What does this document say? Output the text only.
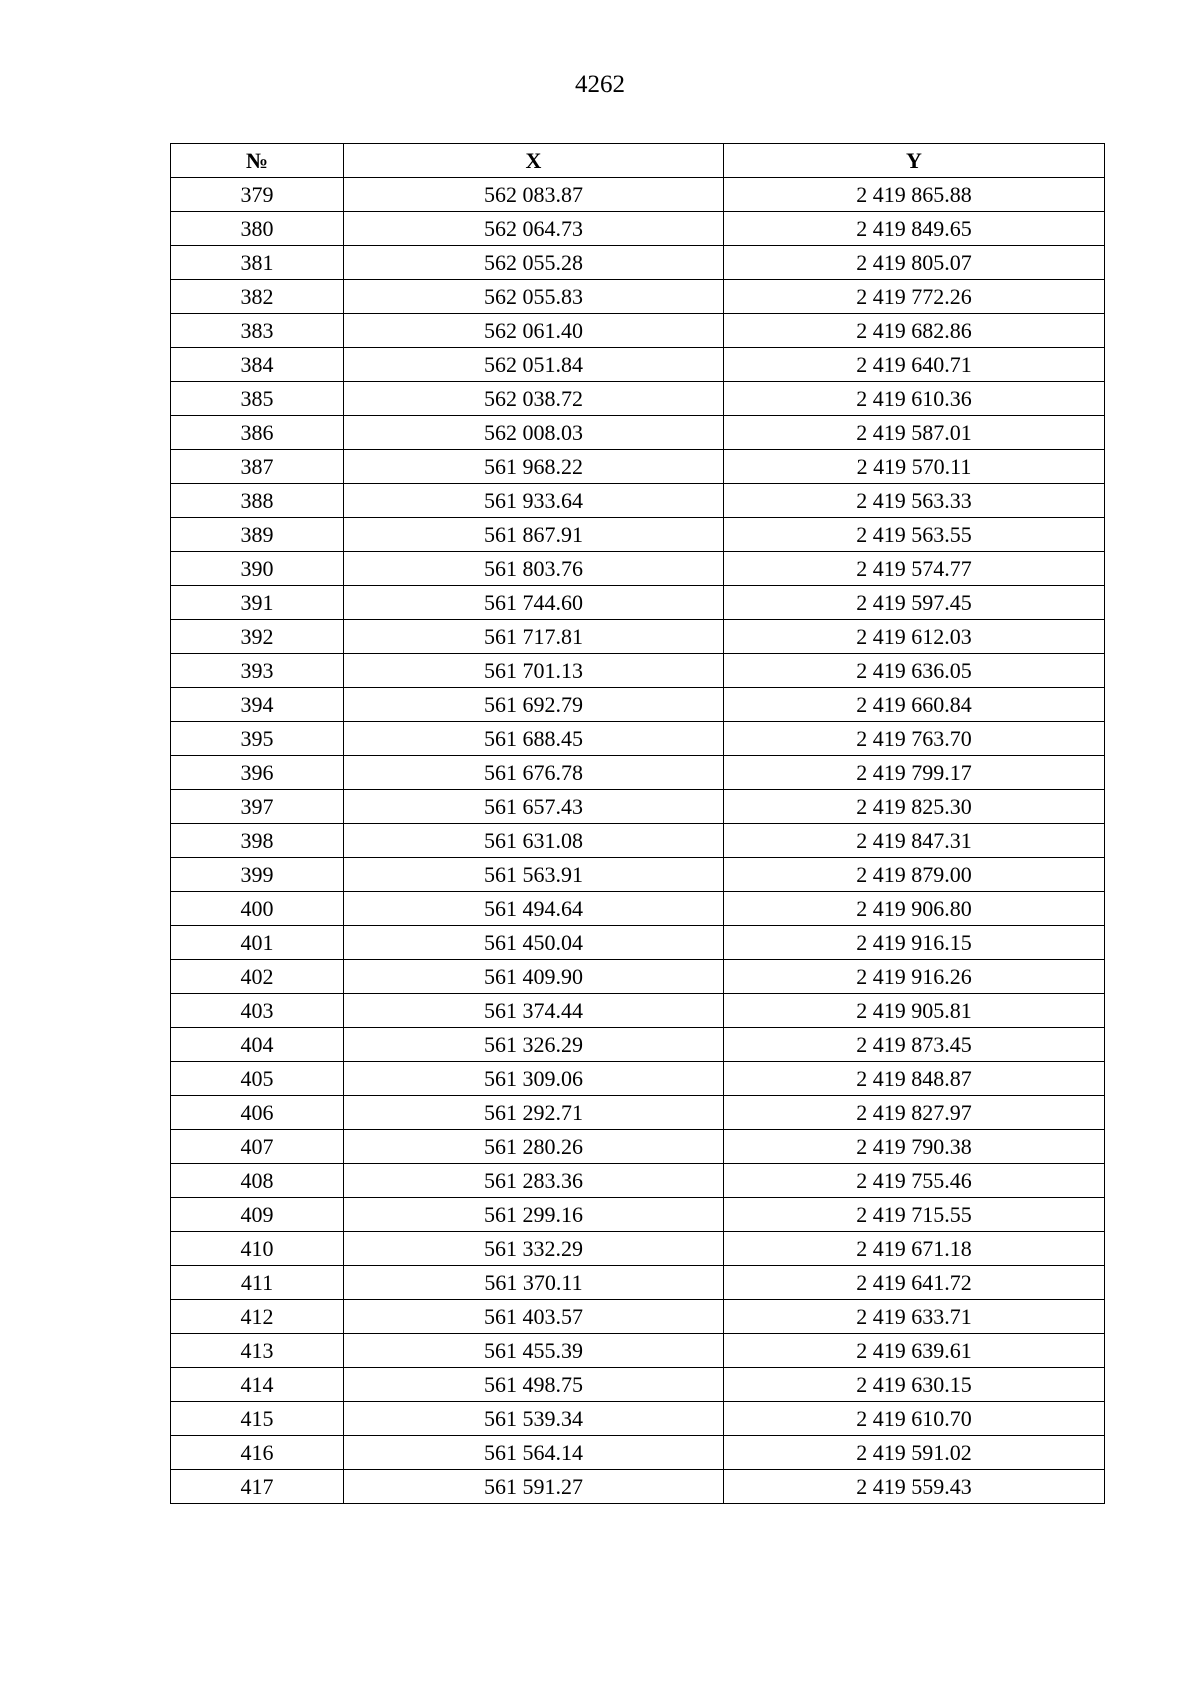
4262
№	X	Y
379	562 083.87	2 419 865.88
380	562 064.73	2 419 849.65
381	562 055.28	2 419 805.07
382	562 055.83	2 419 772.26
383	562 061.40	2 419 682.86
384	562 051.84	2 419 640.71
385	562 038.72	2 419 610.36
386	562 008.03	2 419 587.01
387	561 968.22	2 419 570.11
388	561 933.64	2 419 563.33
389	561 867.91	2 419 563.55
390	561 803.76	2 419 574.77
391	561 744.60	2 419 597.45
392	561 717.81	2 419 612.03
393	561 701.13	2 419 636.05
394	561 692.79	2 419 660.84
395	561 688.45	2 419 763.70
396	561 676.78	2 419 799.17
397	561 657.43	2 419 825.30
398	561 631.08	2 419 847.31
399	561 563.91	2 419 879.00
400	561 494.64	2 419 906.80
401	561 450.04	2 419 916.15
402	561 409.90	2 419 916.26
403	561 374.44	2 419 905.81
404	561 326.29	2 419 873.45
405	561 309.06	2 419 848.87
406	561 292.71	2 419 827.97
407	561 280.26	2 419 790.38
408	561 283.36	2 419 755.46
409	561 299.16	2 419 715.55
410	561 332.29	2 419 671.18
411	561 370.11	2 419 641.72
412	561 403.57	2 419 633.71
413	561 455.39	2 419 639.61
414	561 498.75	2 419 630.15
415	561 539.34	2 419 610.70
416	561 564.14	2 419 591.02
417	561 591.27	2 419 559.43
